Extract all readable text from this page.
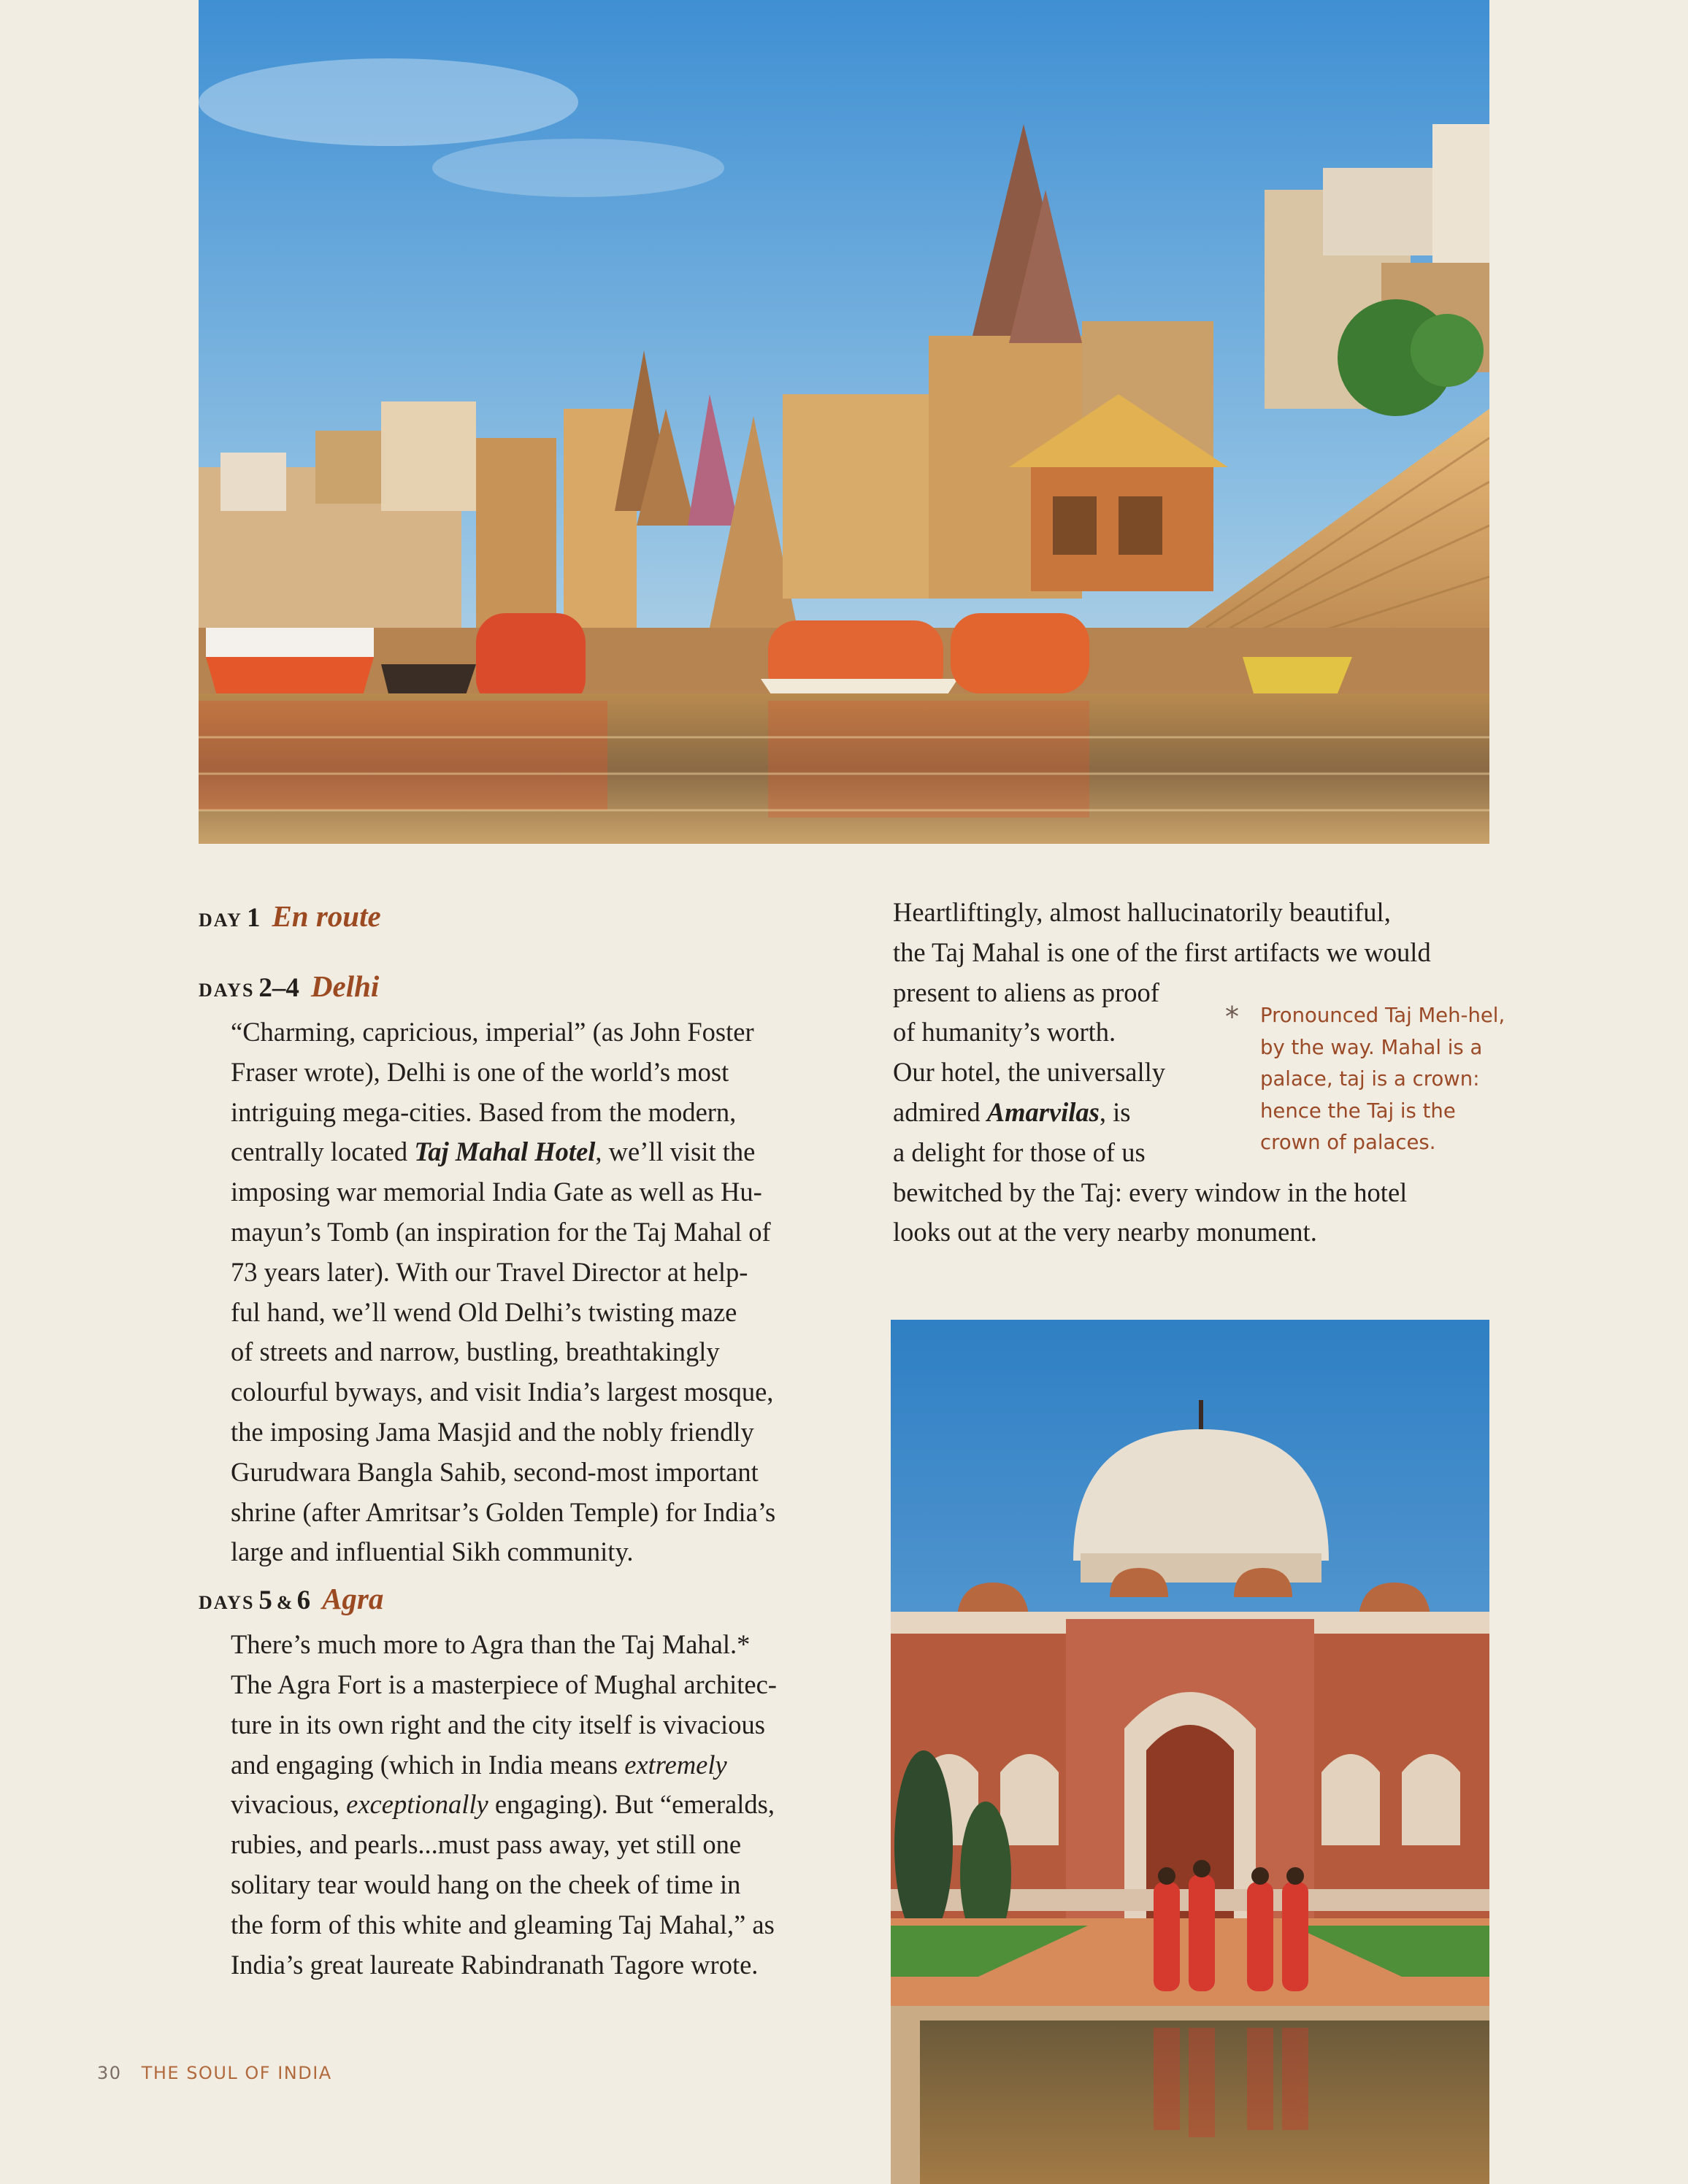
DAY 1 En route
DAYS 2–4 Delhi

“Charming, capricious, imperial” (as John Foster
Fraser wrote), Delhi is one of the world’s most
intriguing mega-cities. Based from the modern,
centrally located Taj Mahal Hotel, we’ll visit the
imposing war memorial India Gate as well as Hu-
mayun’s Tomb (an inspiration for the Taj Mahal of
73 years later). With our Travel Director at help-
ful hand, we’ll wend Old Delhi’s twisting maze
of streets and narrow, bustling, breathtakingly
colourful byways, and visit India’s largest mosque,
the imposing Jama Masjid and the nobly friendly
Gurudwara Bangla Sahib, second-most important
shrine (after Amritsar’s Golden Temple) for India’s
large and influential Sikh community.

DAYS 5 & 6 Agra

There’s much more to Agra than the Taj Mahal.*
The Agra Fort is a masterpiece of Mughal architec-
ture in its own right and the city itself is vivacious
and engaging (which in India means extremely
vivacious, exceptionally engaging). But “emeralds,
rubies, and pearls...must pass away, yet still one
solitary tear would hang on the cheek of time in
the form of this white and gleaming Taj Mahal,” as
India’s great laureate Rabindranath Tagore wrote.

Heartliftingly, almost hallucinatorily beautiful,
the Taj Mahal is one of the first artifacts we would
present to aliens as proof
of humanity’s worth.
Our hotel, the universally
admired Amarvilas, is
a delight for those of us
bewitched by the Taj: every window in the hotel
looks out at the very nearby monument.

* Pronounced Taj Meh-hel,
by the way. Mahal is a
palace, taj is a crown:
hence the Taj is the
crown of palaces.
30 THE SOUL OF INDIA
